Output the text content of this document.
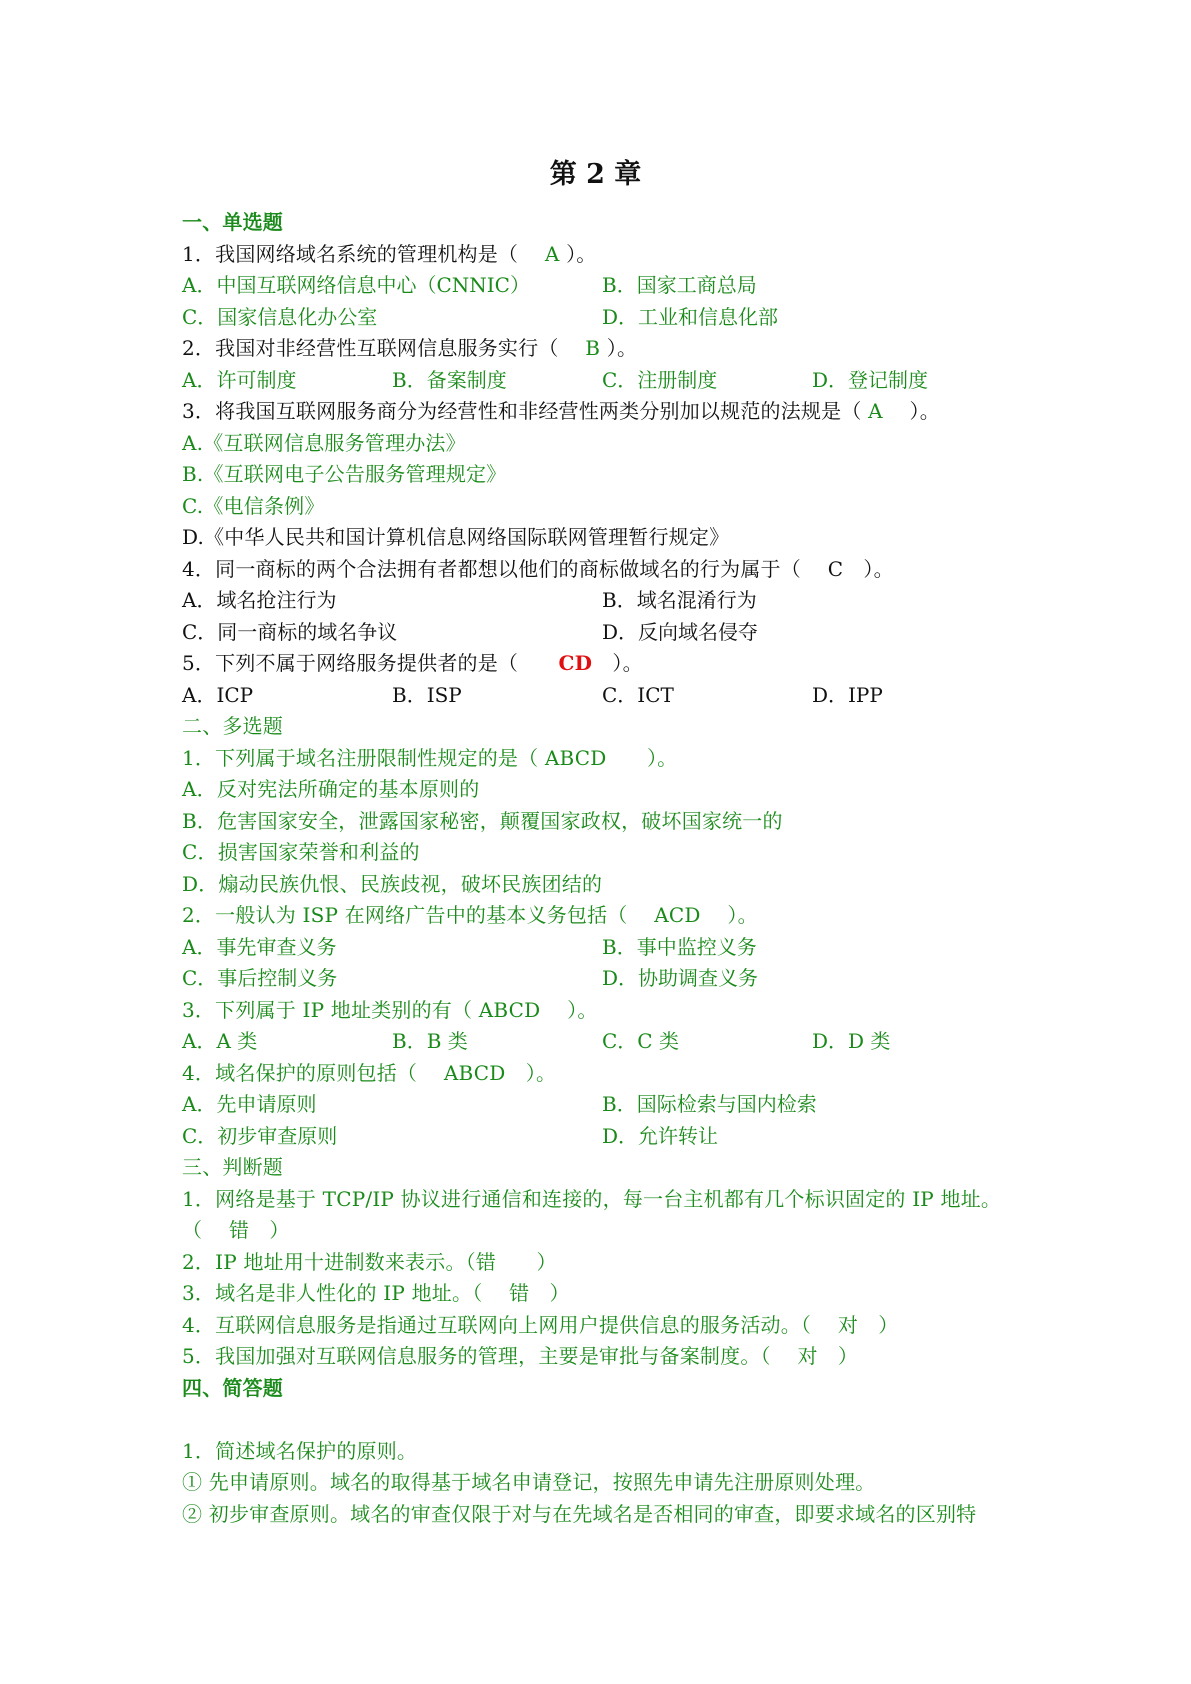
第 2 章
一、单选题
1．我国网络域名系统的管理机构是（　 A ）。
A．中国互联网络信息中心（CNNIC）	B．国家工商总局
C．国家信息化办公室	D．工业和信息化部
2．我国对非经营性互联网信息服务实行（　 B ）。
A．许可制度	B．备案制度	C．注册制度	D．登记制度
3．将我国互联网服务商分为经营性和非经营性两类分别加以规范的法规是（ A　 ）。
A.《互联网信息服务管理办法》
B.《互联网电子公告服务管理规定》
C.《电信条例》
D.《中华人民共和国计算机信息网络国际联网管理暂行规定》
4．同一商标的两个合法拥有者都想以他们的商标做域名的行为属于（　 C　）。
A．域名抢注行为	B．域名混淆行为
C．同一商标的域名争议	D．反向域名侵夺
5．下列不属于网络服务提供者的是（　　CD　）。
A．ICP	B．ISP	C．ICT	D．IPP
二、多选题
1．下列属于域名注册限制性规定的是（ ABCD　　）。
A．反对宪法所确定的基本原则的
B．危害国家安全，泄露国家秘密，颠覆国家政权，破坏国家统一的
C．损害国家荣誉和利益的
D．煽动民族仇恨、民族歧视，破坏民族团结的
2．一般认为 ISP 在网络广告中的基本义务包括（　 ACD　 ）。
A．事先审查义务	B．事中监控义务
C．事后控制义务	D．协助调查义务
3．下列属于 IP 地址类别的有（ ABCD　 ）。
A．A 类	B．B 类	C．C 类	D．D 类
4．域名保护的原则包括（　 ABCD　）。
A．先申请原则	B．国际检索与国内检索
C．初步审查原则	D．允许转让
三、判断题
1．网络是基于 TCP/IP 协议进行通信和连接的，每一台主机都有几个标识固定的 IP 地址。
（　 错　）
2．IP 地址用十进制数来表示。（错　　）
3．域名是非人性化的 IP 地址。（　 错　）
4．互联网信息服务是指通过互联网向上网用户提供信息的服务活动。（　 对　）
5．我国加强对互联网信息服务的管理，主要是审批与备案制度。（　 对　）
四、简答题
1．简述域名保护的原则。
① 先申请原则。域名的取得基于域名申请登记，按照先申请先注册原则处理。
② 初步审查原则。域名的审查仅限于对与在先域名是否相同的审查，即要求域名的区别特
